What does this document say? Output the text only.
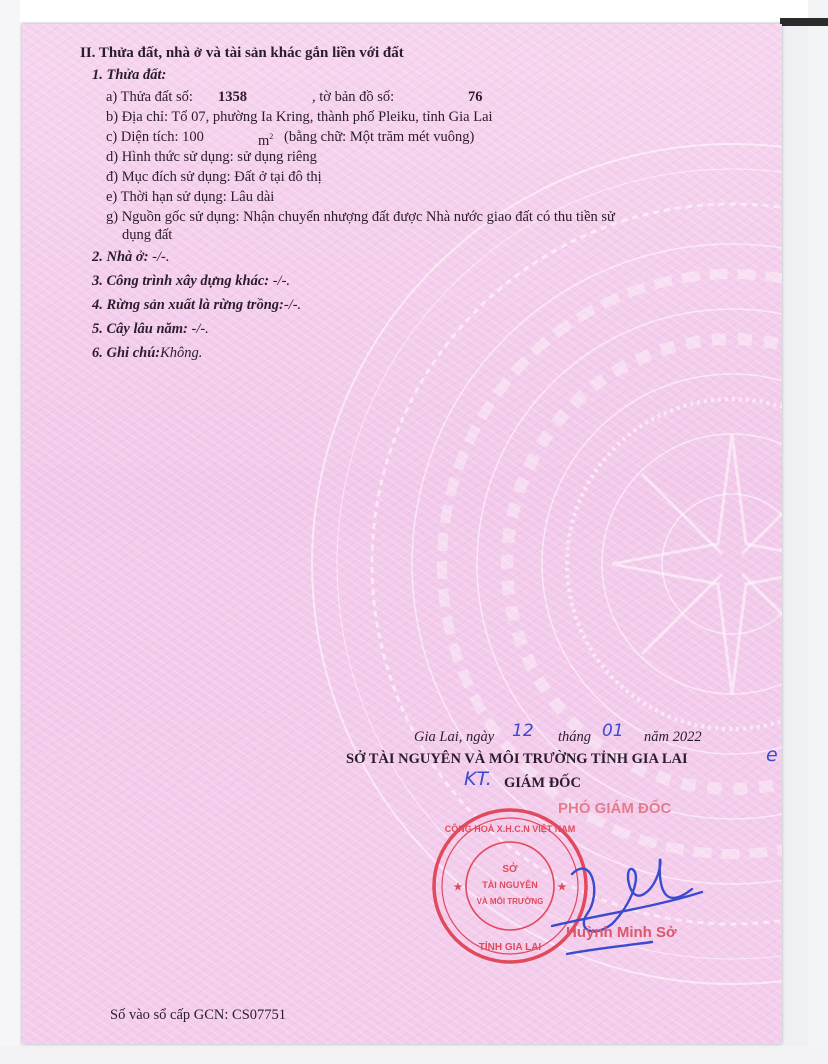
II. Thửa đất, nhà ở và tài sản khác gắn liền với đất
1. Thửa đất:
a) Thửa đất số: 1358	, tờ bản đồ số:	76
b) Địa chỉ: Tổ 07, phường Ia Kring, thành phố Pleiku, tỉnh Gia Lai
c) Diện tích: 100	$m^2$ (bằng chữ: Một trăm mét vuông)
d) Hình thức sử dụng: sử dụng riêng
đ) Mục đích sử dụng: Đất ở tại đô thị
e) Thời hạn sử dụng: Lâu dài
g) Nguồn gốc sử dụng: Nhận chuyển nhượng đất được Nhà nước giao đất có thu tiền sử
dụng đất
2. Nhà ở: -/-.
3. Công trình xây dựng khác: -/-.
4. Rừng sản xuất là rừng trồng:-/-.
5. Cây lâu năm: -/-.
6. Ghi chú:Không.
Gia Lai, ngày 12 tháng 01 năm 2022
SỞ TÀI NGUYÊN VÀ MÔI TRƯỜNG TỈNH GIA LAI	e
KT. GIÁM ĐỐC
PHÓ GIÁM ĐỐC
SỞ
TÀI NGUYÊN
VÀ MÔI TRƯỜNG
CỘNG HOÀ X.H.C.N VIỆT NAM
TỈNH GIA LAI
★	★
Huỳnh Minh Sở
Số vào sổ cấp GCN: CS07751
